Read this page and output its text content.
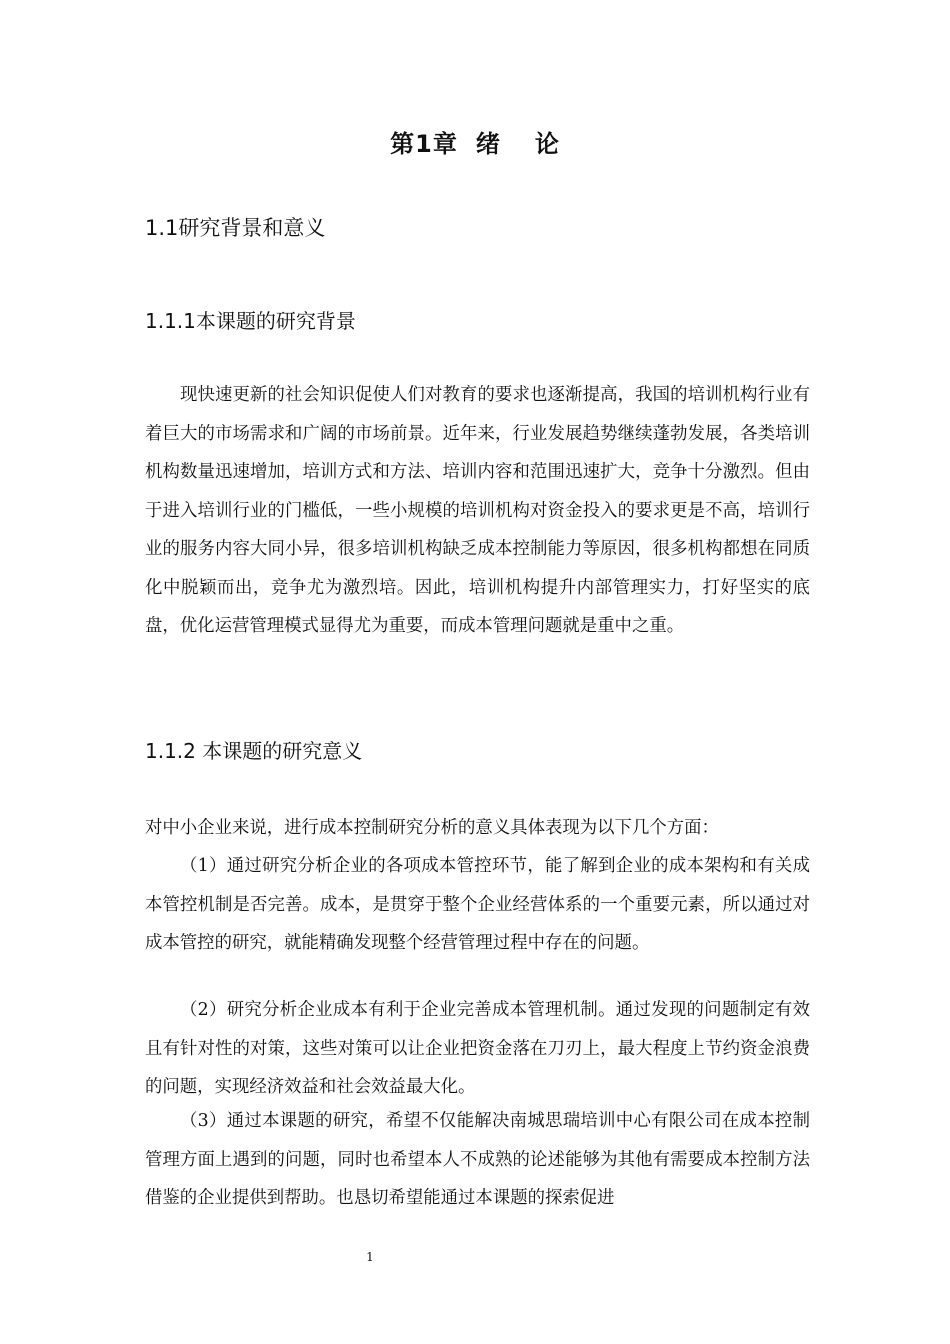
第1章 绪 论
1.1研究背景和意义
1.1.1本课题的研究背景

现快速更新的社会知识促使人们对教育的要求也逐渐提高，我国的培训机构行业有着巨大的市场需求和广阔的市场前景。近年来，行业发展趋势继续蓬勃发展，各类培训机构数量迅速增加，培训方式和方法、培训内容和范围迅速扩大，竞争十分激烈。但由于进入培训行业的门槛低，一些小规模的培训机构对资金投入的要求更是不高，培训行业的服务内容大同小异，很多培训机构缺乏成本控制能力等原因，很多机构都想在同质化中脱颖而出，竞争尤为激烈培。因此，培训机构提升内部管理实力，打好坚实的底盘，优化运营管理模式显得尤为重要，而成本管理问题就是重中之重。

1.1.2 本课题的研究意义

对中小企业来说，进行成本控制研究分析的意义具体表现为以下几个方面：

（1）通过研究分析企业的各项成本管控环节，能了解到企业的成本架构和有关成本管控机制是否完善。成本，是贯穿于整个企业经营体系的一个重要元素，所以通过对成本管控的研究，就能精确发现整个经营管理过程中存在的问题。

（2）研究分析企业成本有利于企业完善成本管理机制。通过发现的问题制定有效且有针对性的对策，这些对策可以让企业把资金落在刀刃上，最大程度上节约资金浪费的问题，实现经济效益和社会效益最大化。

（3）通过本课题的研究，希望不仅能解决南城思瑞培训中心有限公司在成本控制管理方面上遇到的问题，同时也希望本人不成熟的论述能够为其他有需要成本控制方法借鉴的企业提供到帮助。也恳切希望能通过本课题的探索促进

1
